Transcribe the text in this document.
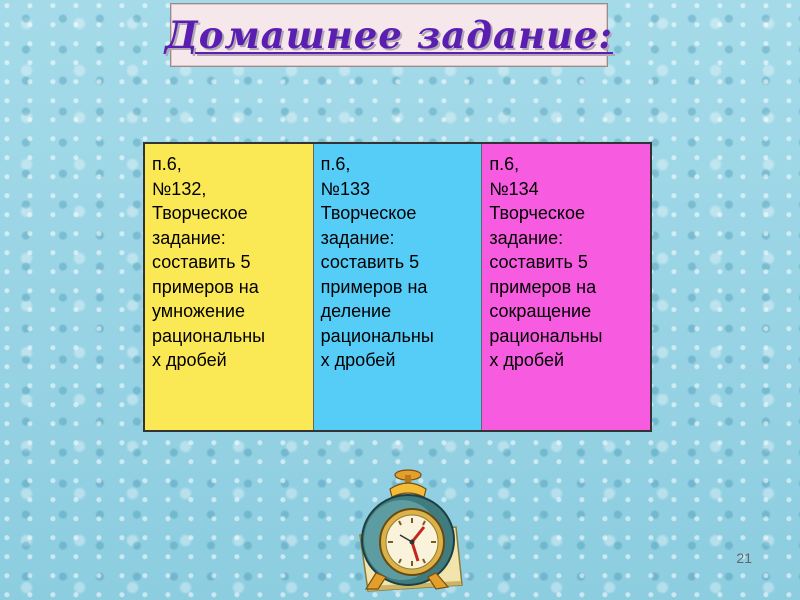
Домашнее задание:
п.6,
№132,
Творческое
задание:
составить 5
примеров на
умножение
рациональны
х дробей
п.6,
№133
Творческое
задание:
составить 5
примеров на
деление
рациональны
х дробей
п.6,
№134
Творческое
задание:
составить 5
примеров на
сокращение
рациональны
х дробей
21
